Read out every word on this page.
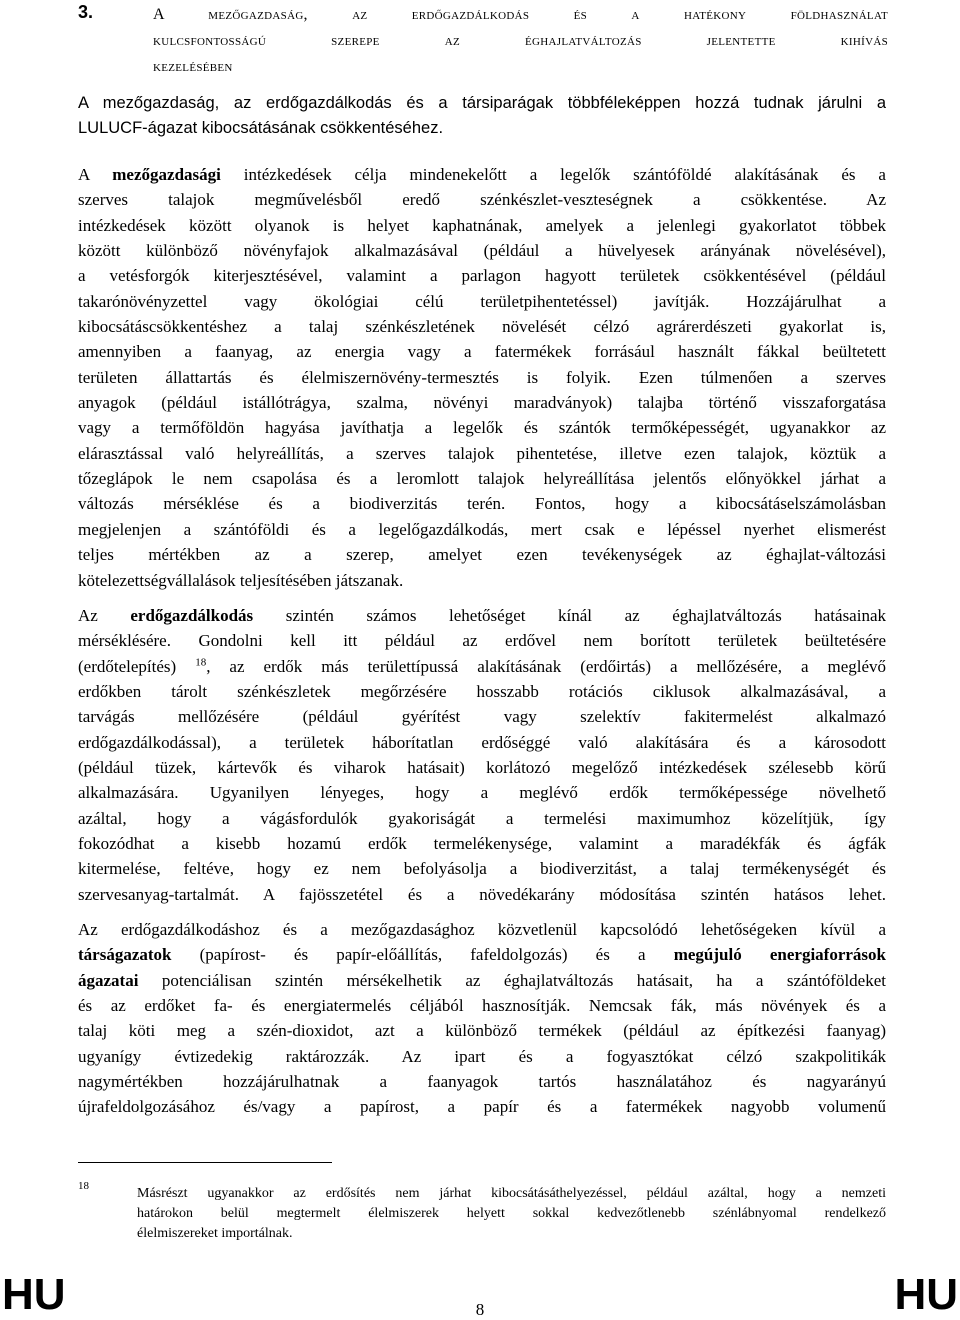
3.	A mezőgazdaság, az erdőgazdálkodás és a hatékony földhasználat
kulcsfontosságú szerepe az éghajlatváltozás jelentette kihívás
kezelésében
A mezőgazdaság, az erdőgazdálkodás és a társiparágak többféleképpen hozzá tudnak járulni a
LULUCF-ágazat kibocsátásának csökkentéséhez.
A mezőgazdasági intézkedések célja mindenekelőtt a legelők szántóföldé alakításának és a
szerves talajok megművelésből eredő szénkészlet-veszteségnek a csökkentése. Az
intézkedések között olyanok is helyet kaphatnának, amelyek a jelenlegi gyakorlatot többek
között különböző növényfajok alkalmazásával (például a hüvelyesek arányának növelésével),
a vetésforgók kiterjesztésével, valamint a parlagon hagyott területek csökkentésével (például
takarónövényzettel vagy ökológiai célú területpihentetéssel) javítják. Hozzájárulhat a
kibocsátáscsökkentéshez a talaj szénkészletének növelését célzó agrárerdészeti gyakorlat is,
amennyiben a faanyag, az energia vagy a fatermékek forrásául használt fákkal beültetett
területen állattartás és élelmiszernövény-termesztés is folyik. Ezen túlmenően a szerves
anyagok (például istállótrágya, szalma, növényi maradványok) talajba történő visszaforgatása
vagy a termőföldön hagyása javíthatja a legelők és szántók termőképességét, ugyanakkor az
elárasztással való helyreállítás, a szerves talajok pihentetése, illetve ezen talajok, köztük a
tőzeglápok le nem csapolása és a leromlott talajok helyreállítása jelentős előnyökkel járhat a
változás mérséklése és a biodiverzitás terén. Fontos, hogy a kibocsátáselszámolásban
megjelenjen a szántóföldi és a legelőgazdálkodás, mert csak e lépéssel nyerhet elismerést
teljes mértékben az a szerep, amelyet ezen tevékenységek az éghajlat-változási
kötelezettségvállalások teljesítésében játszanak.
Az erdőgazdálkodás szintén számos lehetőséget kínál az éghajlatváltozás hatásainak
mérséklésére. Gondolni kell itt például az erdővel nem borított területek beültetésére
(erdőtelepítés) $^{18}$, az erdők más területtípussá alakításának (erdőirtás) a mellőzésére, a meglévő
erdőkben tárolt szénkészletek megőrzésére hosszabb rotációs ciklusok alkalmazásával, a
tarvágás mellőzésére (például gyérítést vagy szelektív fakitermelést alkalmazó
erdőgazdálkodással), a területek háborítatlan erdőséggé való alakítására és a károsodott
(például tüzek, kártevők és viharok hatásait) korlátozó megelőző intézkedések szélesebb körű
alkalmazására. Ugyanilyen lényeges, hogy a meglévő erdők termőképessége növelhető
azáltal, hogy a vágásfordulók gyakoriságát a termelési maximumhoz közelítjük, így
fokozódhat a kisebb hozamú erdők termelékenysége, valamint a maradékfák és ágfák
kitermelése, feltéve, hogy ez nem befolyásolja a biodiverzitást, a talaj termékenységét és
szervesanyag-tartalmát. A fajösszetétel és a növedékarány módosítása szintén hatásos lehet.
Az erdőgazdálkodáshoz és a mezőgazdasághoz közvetlenül kapcsolódó lehetőségeken kívül a
társágazatok (papírost- és papír-előállítás, fafeldolgozás) és a megújuló energiaforrások
ágazatai potenciálisan szintén mérsékelhetik az éghajlatváltozás hatásait, ha a szántóföldeket
és az erdőket fa- és energiatermelés céljából hasznosítják. Nemcsak fák, más növények és a
talaj köti meg a szén-dioxidot, azt a különböző termékek (például az építkezési faanyag)
ugyanígy évtizedekig raktározzák. Az ipart és a fogyasztókat célzó szakpolitikák
nagymértékben hozzájárulhatnak a faanyagok tartós használatához és nagyarányú
újrafeldolgozásához és/vagy a papírost, a papír és a fatermékek nagyobb volumenű
18	Másrészt ugyanakkor az erdősítés nem járhat kibocsátásáthelyezéssel, például azáltal, hogy a nemzeti
határokon belül megtermelt élelmiszerek helyett sokkal kedvezőtlenebb szénlábnyomal rendelkező
élelmiszereket importálnak.
HU	8	HU
